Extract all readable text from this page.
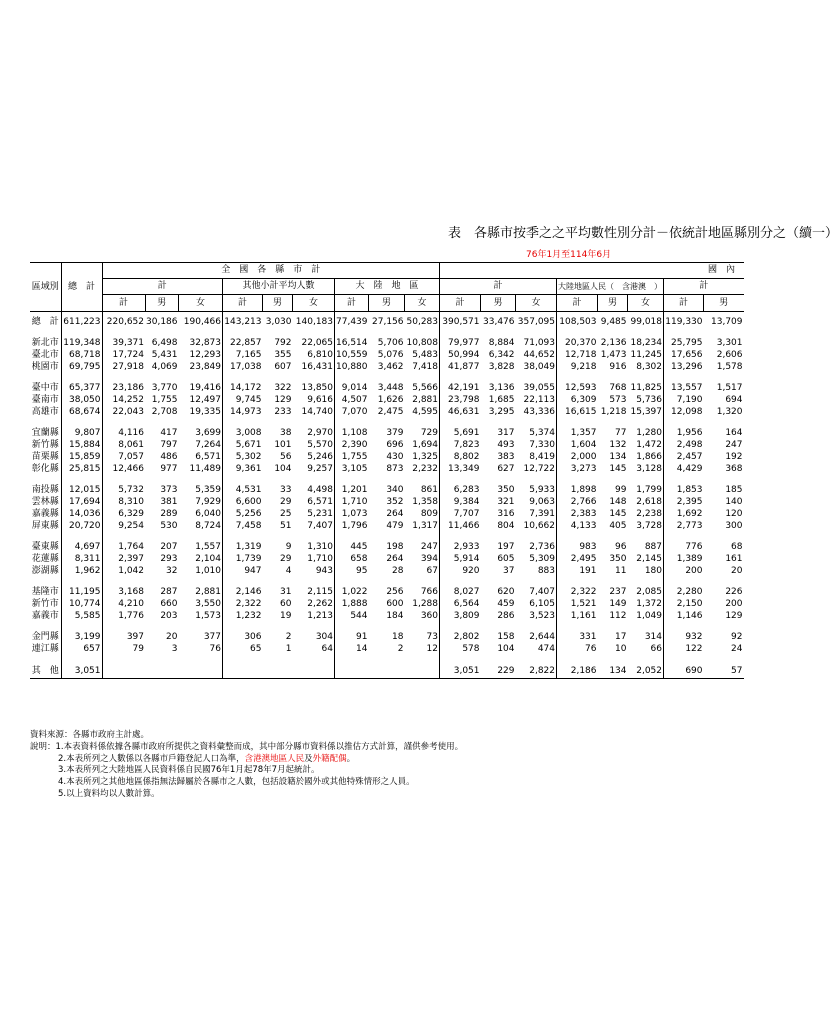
表　各縣市按季之之平均數性別分計－依統計地區縣別分之（續一）
76年1月至114年6月
區域別	總　計	全　國　各　縣　市　計									國　內							
		計			其他小計平均人數			大　陸　地　區			計			大陸地區人民（　含港澳　）			計	
		計	男	女	計	男	女	計	男	女	計	男	女	計	男	女	計	男
總　計	611,223	220,652	30,186	190,466	143,213	3,030	140,183	77,439	27,156	50,283	390,571	33,476	357,095	108,503	9,485	99,018	119,330	13,709

新北市	119,348	39,371	6,498	32,873	22,857	792	22,065	16,514	5,706	10,808	79,977	8,884	71,093	20,370	2,136	18,234	25,795	3,301
臺北市	68,718	17,724	5,431	12,293	7,165	355	6,810	10,559	5,076	5,483	50,994	6,342	44,652	12,718	1,473	11,245	17,656	2,606
桃園市	69,795	27,918	4,069	23,849	17,038	607	16,431	10,880	3,462	7,418	41,877	3,828	38,049	9,218	916	8,302	13,296	1,578

臺中市	65,377	23,186	3,770	19,416	14,172	322	13,850	9,014	3,448	5,566	42,191	3,136	39,055	12,593	768	11,825	13,557	1,517
臺南市	38,050	14,252	1,755	12,497	9,745	129	9,616	4,507	1,626	2,881	23,798	1,685	22,113	6,309	573	5,736	7,190	694
高雄市	68,674	22,043	2,708	19,335	14,973	233	14,740	7,070	2,475	4,595	46,631	3,295	43,336	16,615	1,218	15,397	12,098	1,320

宜蘭縣	9,807	4,116	417	3,699	3,008	38	2,970	1,108	379	729	5,691	317	5,374	1,357	77	1,280	1,956	164
新竹縣	15,884	8,061	797	7,264	5,671	101	5,570	2,390	696	1,694	7,823	493	7,330	1,604	132	1,472	2,498	247
苗栗縣	15,859	7,057	486	6,571	5,302	56	5,246	1,755	430	1,325	8,802	383	8,419	2,000	134	1,866	2,457	192
彰化縣	25,815	12,466	977	11,489	9,361	104	9,257	3,105	873	2,232	13,349	627	12,722	3,273	145	3,128	4,429	368

南投縣	12,015	5,732	373	5,359	4,531	33	4,498	1,201	340	861	6,283	350	5,933	1,898	99	1,799	1,853	185
雲林縣	17,694	8,310	381	7,929	6,600	29	6,571	1,710	352	1,358	9,384	321	9,063	2,766	148	2,618	2,395	140
嘉義縣	14,036	6,329	289	6,040	5,256	25	5,231	1,073	264	809	7,707	316	7,391	2,383	145	2,238	1,692	120
屏東縣	20,720	9,254	530	8,724	7,458	51	7,407	1,796	479	1,317	11,466	804	10,662	4,133	405	3,728	2,773	300

臺東縣	4,697	1,764	207	1,557	1,319	9	1,310	445	198	247	2,933	197	2,736	983	96	887	776	68
花蓮縣	8,311	2,397	293	2,104	1,739	29	1,710	658	264	394	5,914	605	5,309	2,495	350	2,145	1,389	161
澎湖縣	1,962	1,042	32	1,010	947	4	943	95	28	67	920	37	883	191	11	180	200	20

基隆市	11,195	3,168	287	2,881	2,146	31	2,115	1,022	256	766	8,027	620	7,407	2,322	237	2,085	2,280	226
新竹市	10,774	4,210	660	3,550	2,322	60	2,262	1,888	600	1,288	6,564	459	6,105	1,521	149	1,372	2,150	200
嘉義市	5,585	1,776	203	1,573	1,232	19	1,213	544	184	360	3,809	286	3,523	1,161	112	1,049	1,146	129

金門縣	3,199	397	20	377	306	2	304	91	18	73	2,802	158	2,644	331	17	314	932	92
連江縣	657	79	3	76	65	1	64	14	2	12	578	104	474	76	10	66	122	24

其　他	3,051										3,051	229	2,822	2,186	134	2,052	690	57
資料來源：各縣市政府主計處。
說明：1.本表資料係依據各縣市政府所提供之資料彙整而成，其中部分縣市資料係以推估方式計算，謹供參考使用。
2.本表所列之人數係以各縣市戶籍登記人口為準，含港澳地區人民及外籍配偶。
3.本表所列之大陸地區人民資料係自民國76年1月起78年7月起統計。
4.本表所列之其他地區係指無法歸屬於各縣市之人數，包括設籍於國外或其他特殊情形之人員。
5.以上資料均以人數計算。
